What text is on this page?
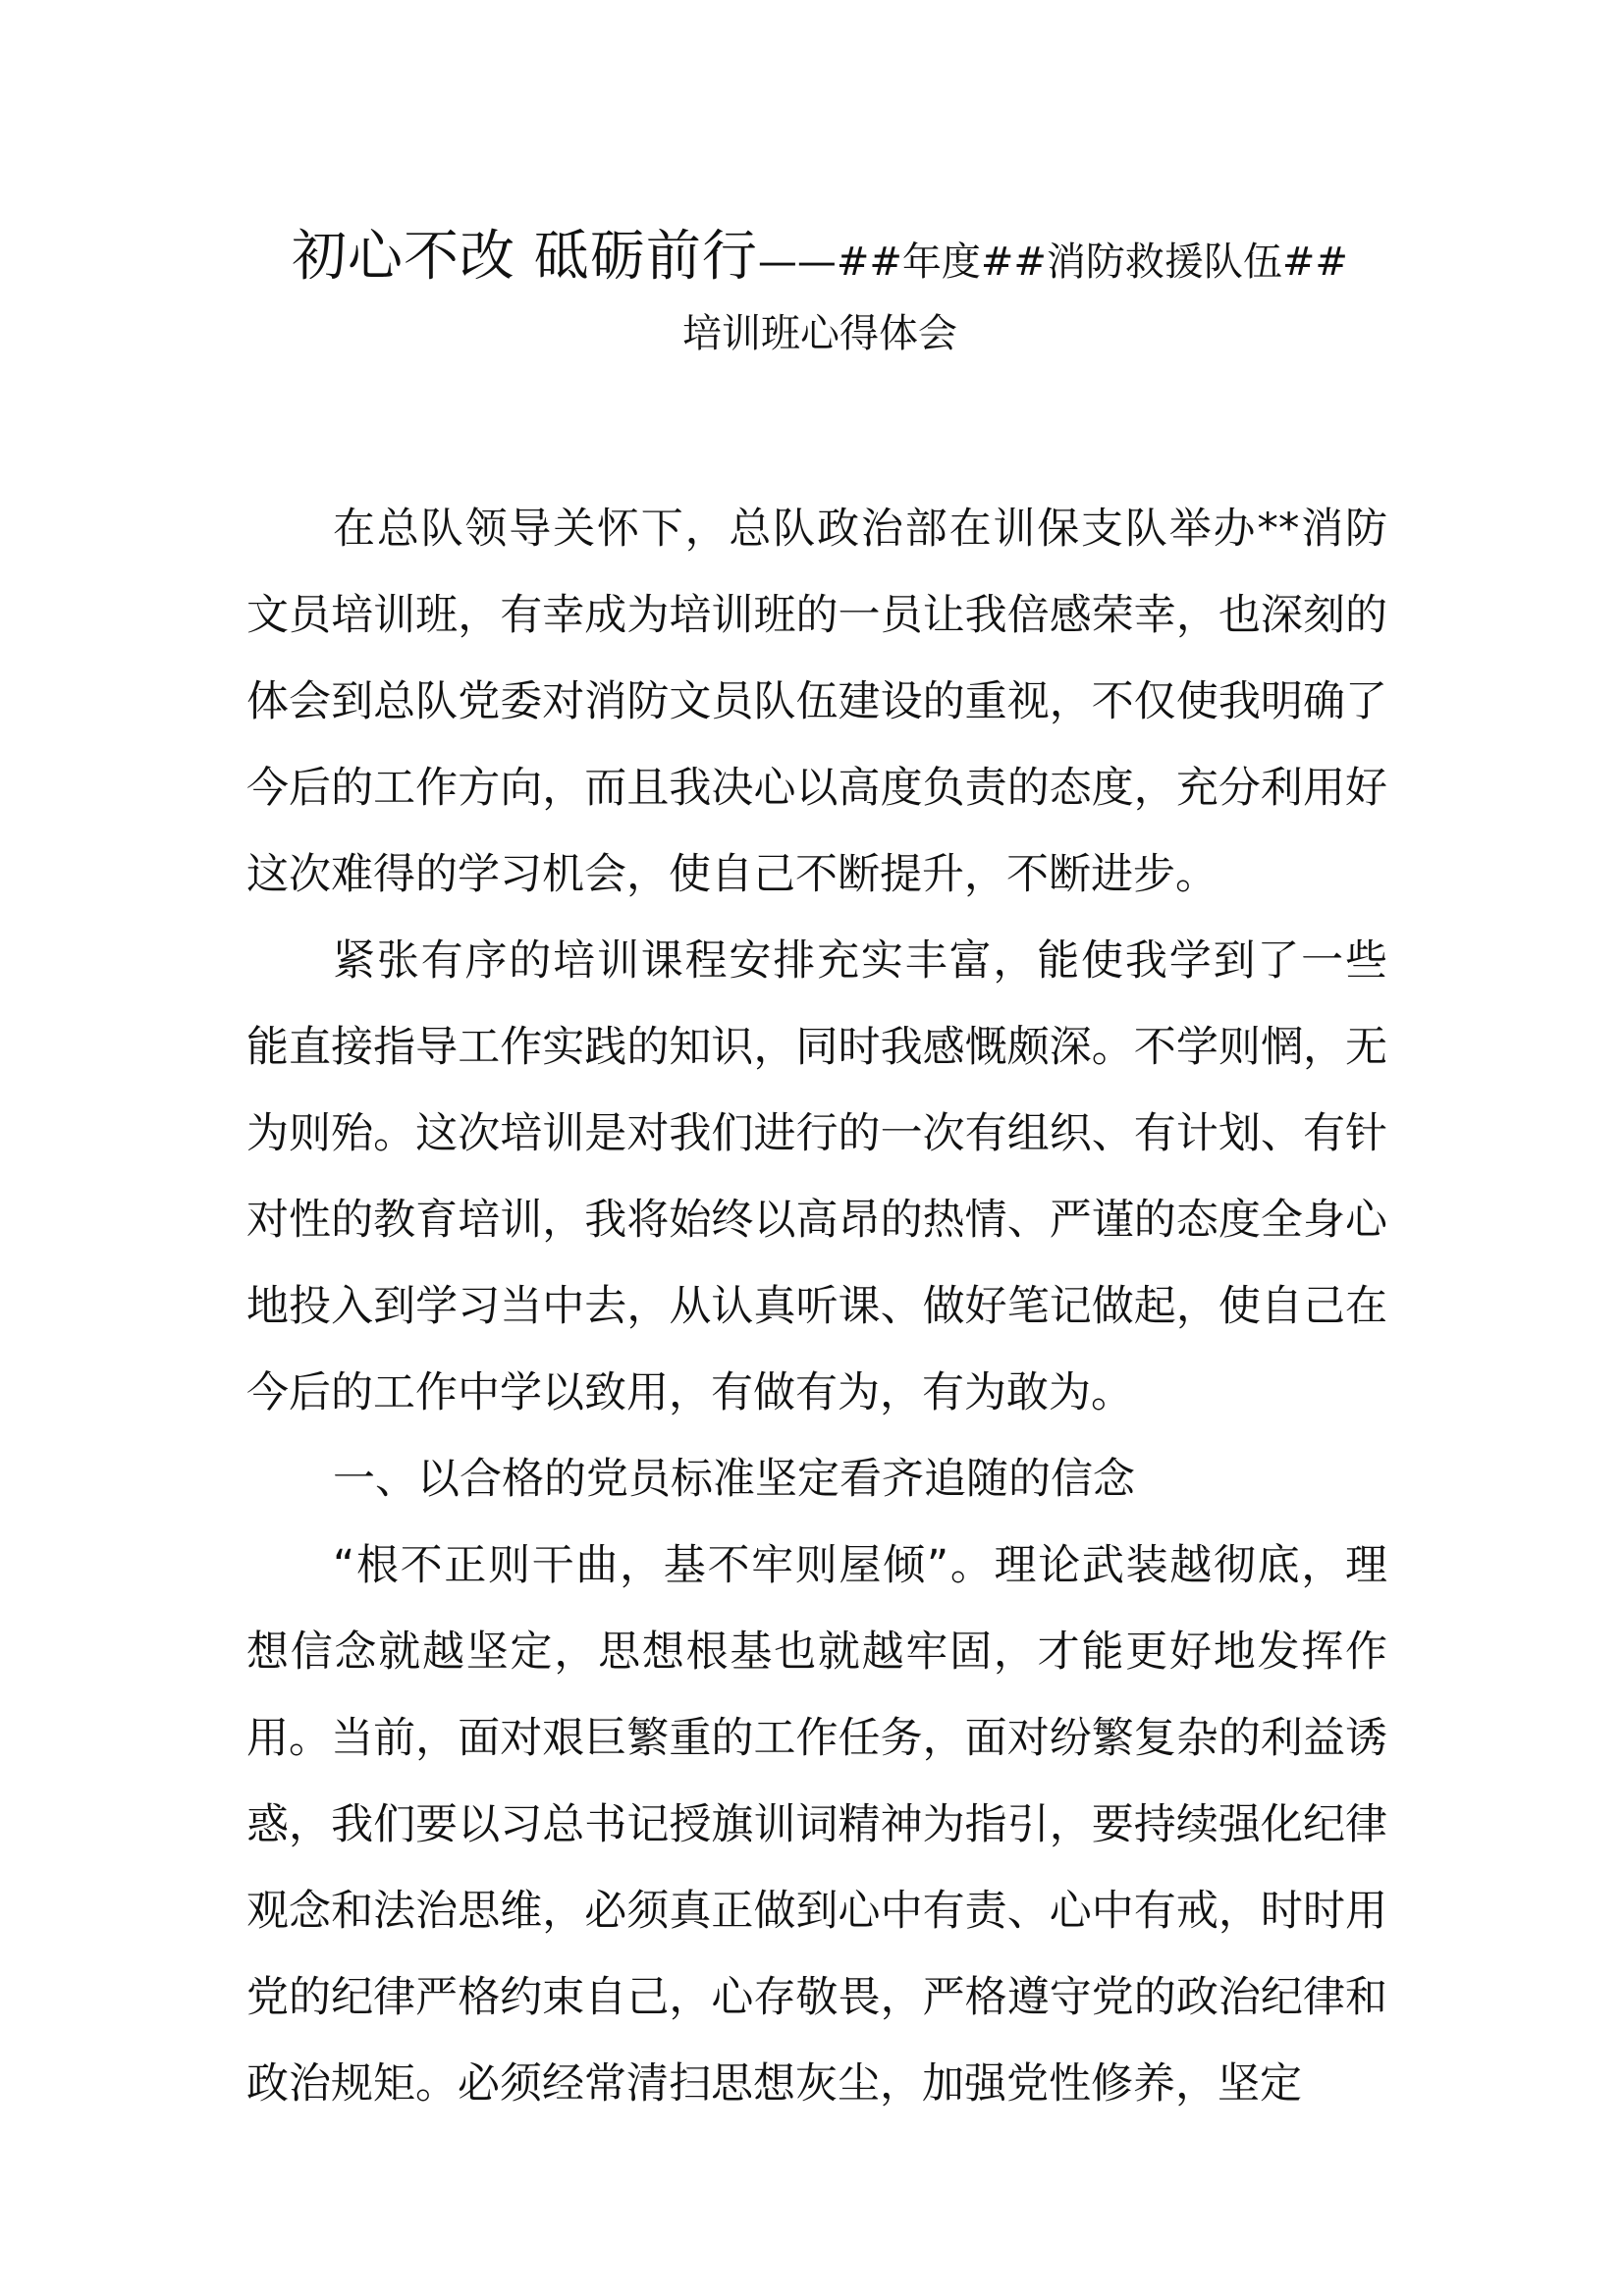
初心不改 砥砺前行——##年度##消防救援队伍##
培训班心得体会

在总队领导关怀下，总队政治部在训保支队举办**消防文员培训班，有幸成为培训班的一员让我倍感荣幸，也深刻的体会到总队党委对消防文员队伍建设的重视，不仅使我明确了今后的工作方向，而且我决心以高度负责的态度，充分利用好这次难得的学习机会，使自己不断提升，不断进步。

紧张有序的培训课程安排充实丰富，能使我学到了一些能直接指导工作实践的知识，同时我感慨颇深。不学则惘，无为则殆。这次培训是对我们进行的一次有组织、有计划、有针对性的教育培训，我将始终以高昂的热情、严谨的态度全身心地投入到学习当中去，从认真听课、做好笔记做起，使自己在今后的工作中学以致用，有做有为，有为敢为。

一、以合格的党员标准坚定看齐追随的信念

“根不正则干曲，基不牢则屋倾”。理论武装越彻底，理想信念就越坚定，思想根基也就越牢固，才能更好地发挥作用。当前，面对艰巨繁重的工作任务，面对纷繁复杂的利益诱惑，我们要以习总书记授旗训词精神为指引，要持续强化纪律观念和法治思维，必须真正做到心中有责、心中有戒，时时用党的纪律严格约束自己，心存敬畏，严格遵守党的政治纪律和政治规矩。必须经常清扫思想灰尘，加强党性修养，坚定
